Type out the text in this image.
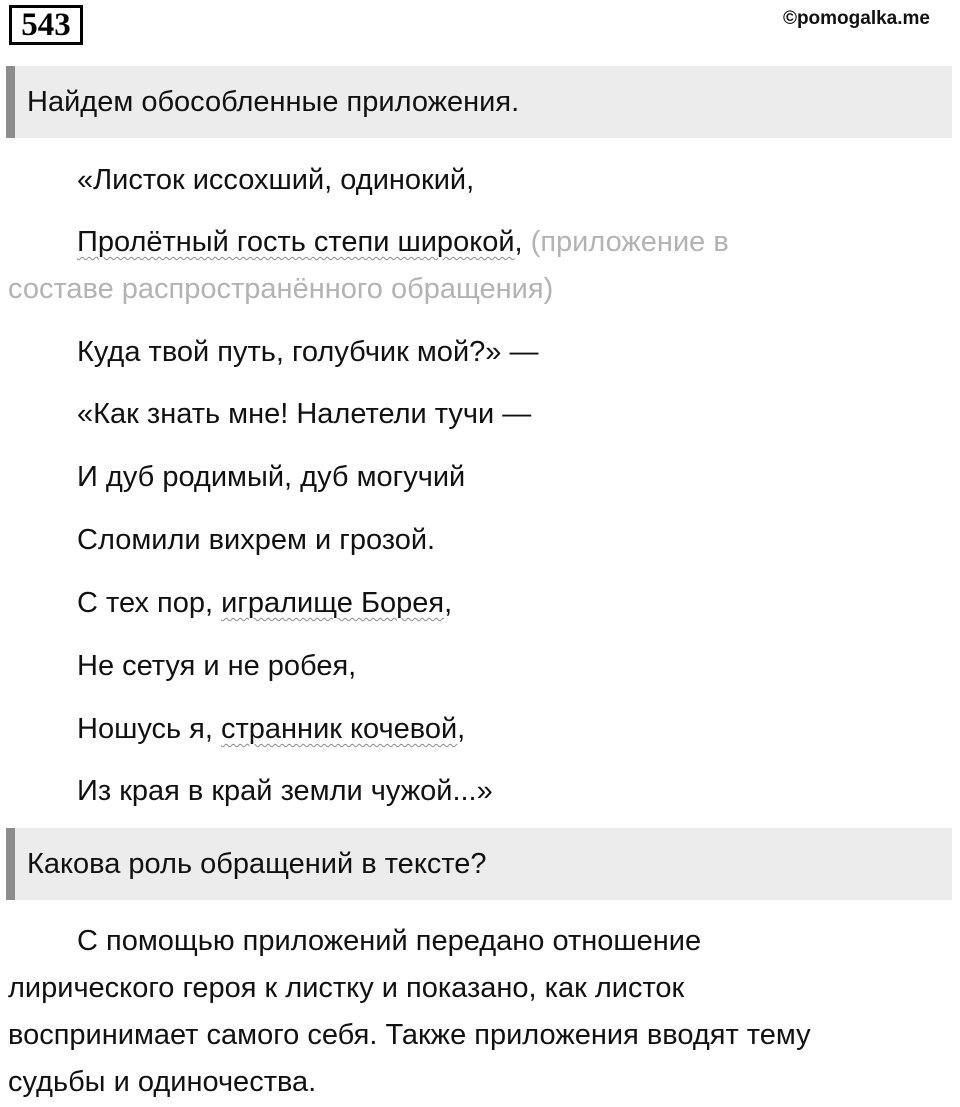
543	©pomogalka.me
Найдем обособленные приложения.
«Листок иссохший, одинокий,
Пролётный гость степи широкой, (приложение в
составе распространённого обращения)
Куда твой путь, голубчик мой?» —
«Как знать мне! Налетели тучи —
И дуб родимый, дуб могучий
Сломили вихрем и грозой.
С тех пор, игралище Борея,
Не сетуя и не робея,
Ношусь я, странник кочевой,
Из края в край земли чужой...»
Какова роль обращений в тексте?
С помощью приложений передано отношение
лирического героя к листку и показано, как листок
воспринимает самого себя. Также приложения вводят тему
судьбы и одиночества.
